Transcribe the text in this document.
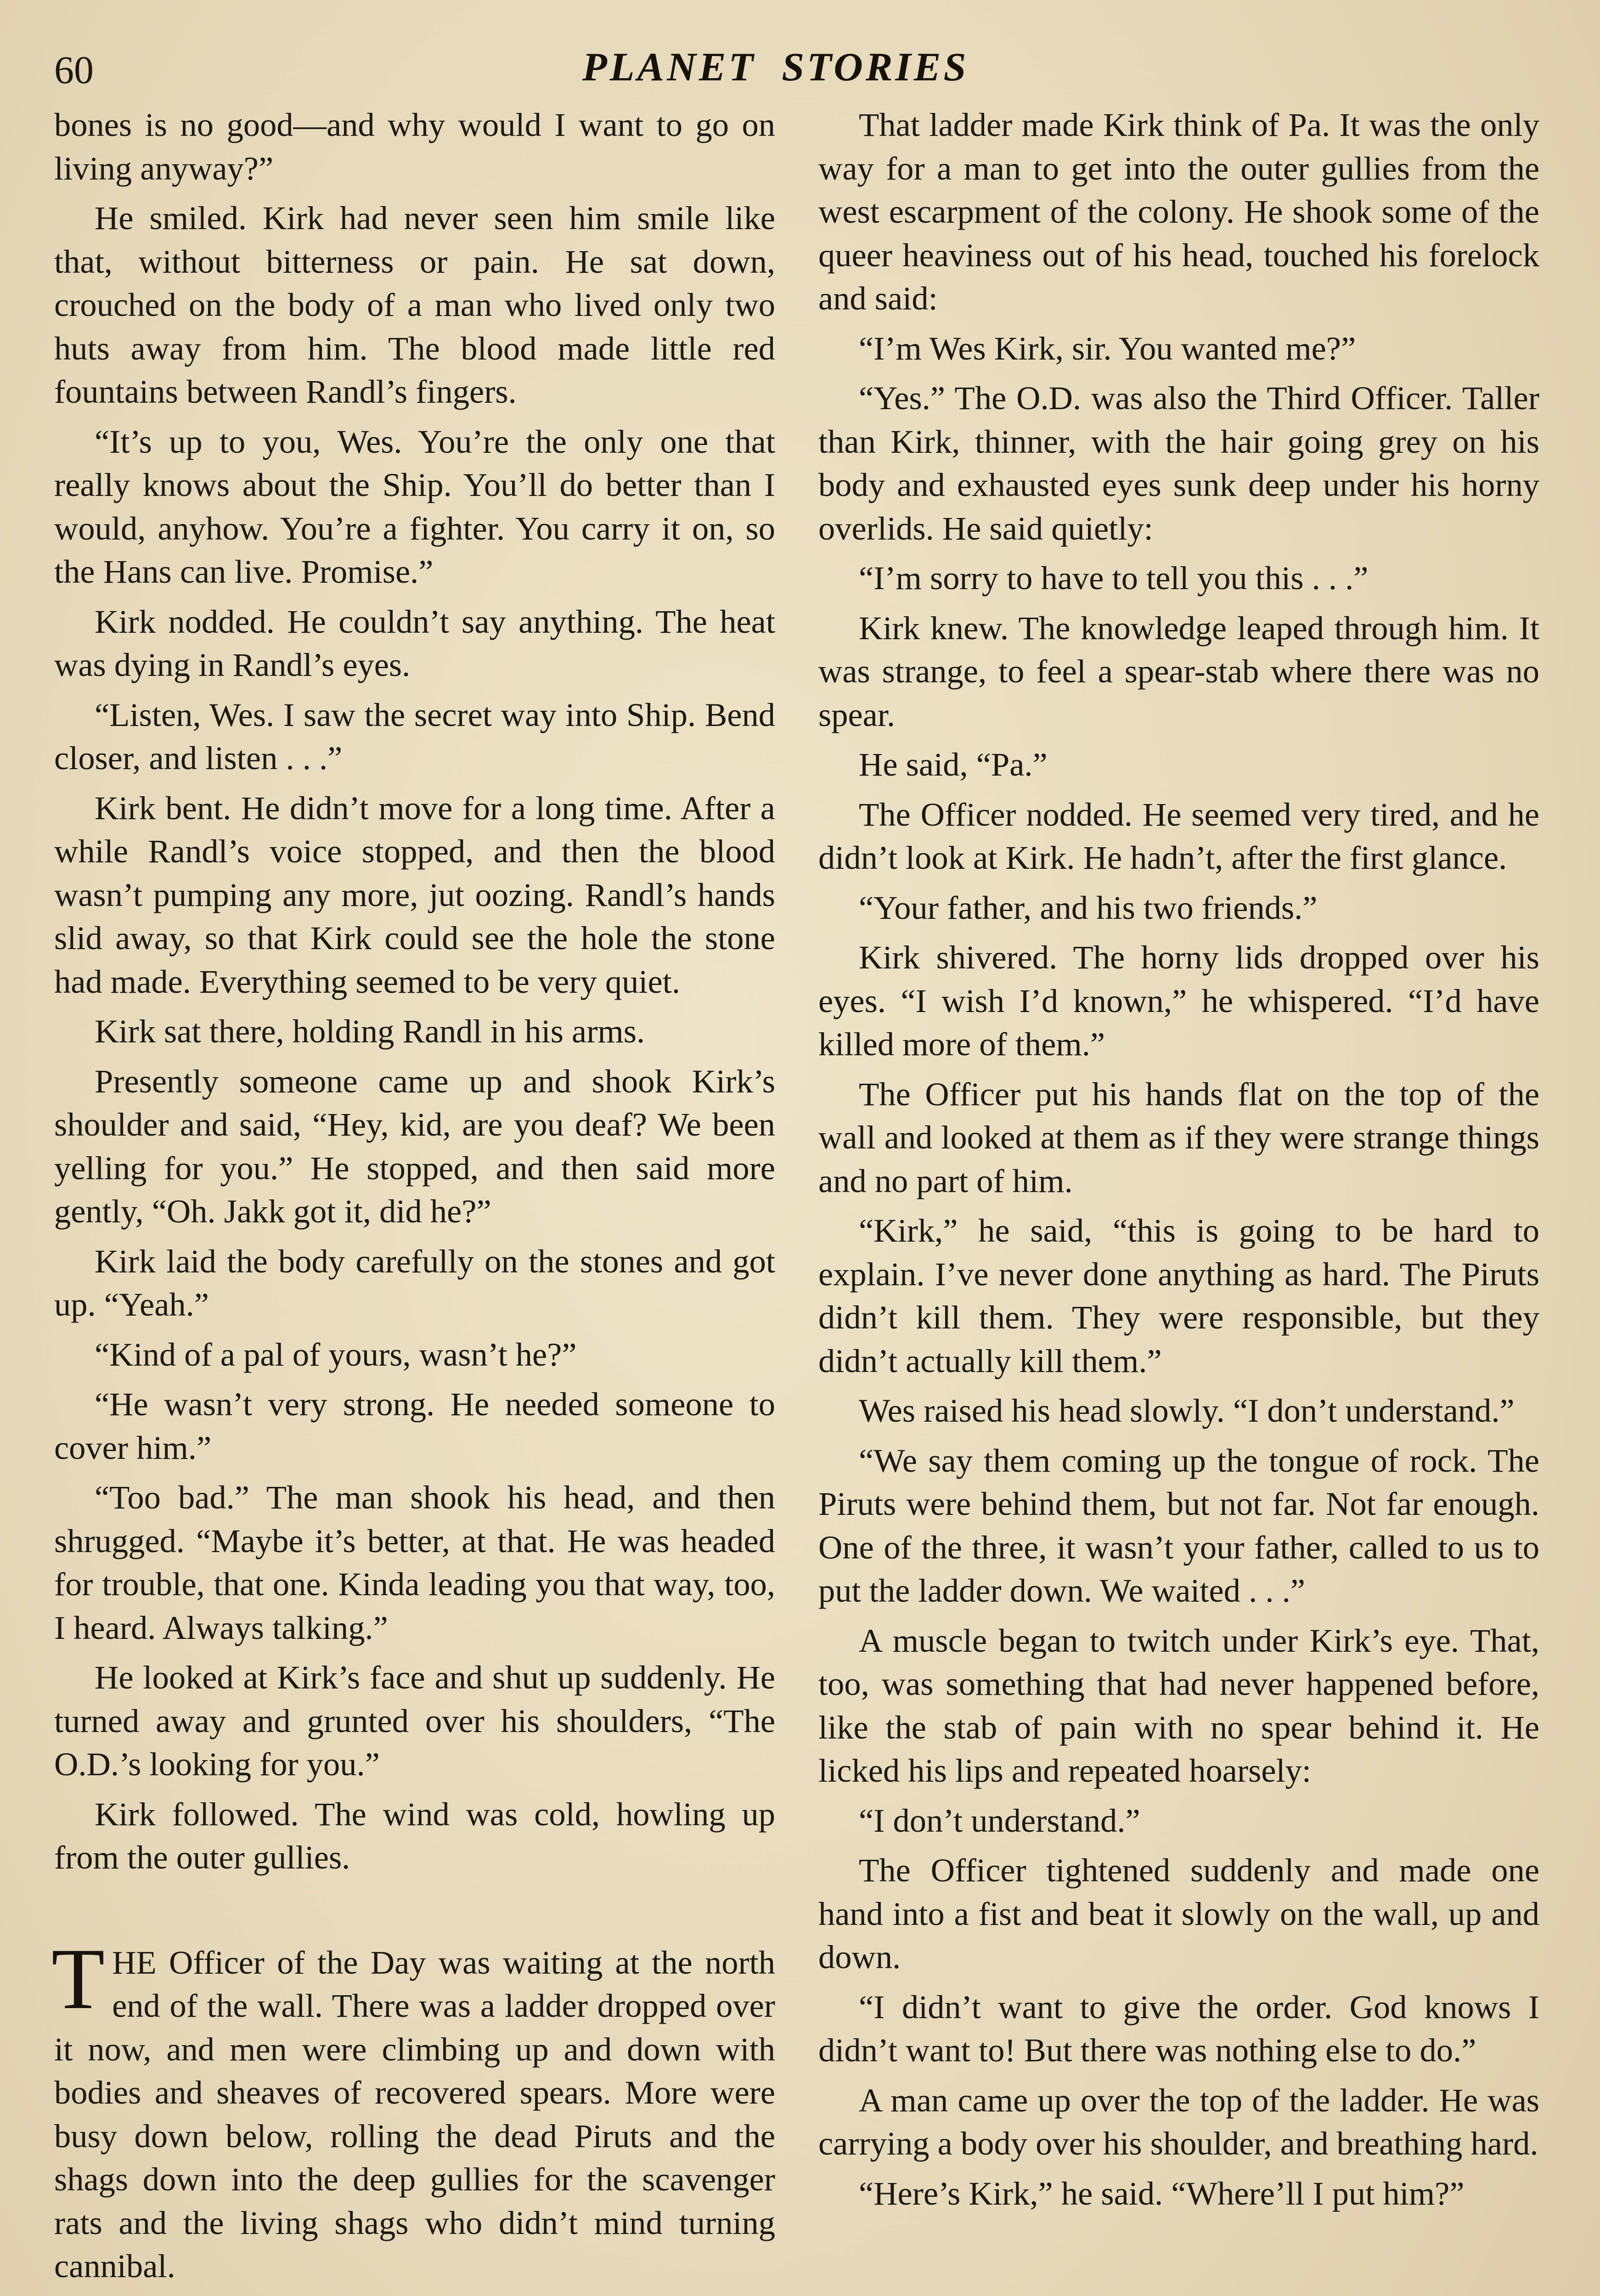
60	PLANET  STORIES

bones is no good—and why would I want to go on living anyway?”

He smiled. Kirk had never seen him smile like that, without bitterness or pain. He sat down, crouched on the body of a man who lived only two huts away from him. The blood made little red fountains between Randl’s fingers.

“It’s up to you, Wes. You’re the only one that really knows about the Ship. You’ll do better than I would, anyhow. You’re a fighter. You carry it on, so the Hans can live. Promise.”

Kirk nodded. He couldn’t say anything. The heat was dying in Randl’s eyes.

“Listen, Wes. I saw the secret way into Ship. Bend closer, and listen . . .”

Kirk bent. He didn’t move for a long time. After a while Randl’s voice stopped, and then the blood wasn’t pumping any more, jut oozing. Randl’s hands slid away, so that Kirk could see the hole the stone had made. Everything seemed to be very quiet.

Kirk sat there, holding Randl in his arms.

Presently someone came up and shook Kirk’s shoulder and said, “Hey, kid, are you deaf? We been yelling for you.” He stopped, and then said more gently, “Oh. Jakk got it, did he?”

Kirk laid the body carefully on the stones and got up. “Yeah.”

“Kind of a pal of yours, wasn’t he?”

“He wasn’t very strong. He needed someone to cover him.”

“Too bad.” The man shook his head, and then shrugged. “Maybe it’s better, at that. He was headed for trouble, that one. Kinda leading you that way, too, I heard. Always talking.”

He looked at Kirk’s face and shut up suddenly. He turned away and grunted over his shoulders, “The O.D.’s looking for you.”

Kirk followed. The wind was cold, howling up from the outer gullies.

THE Officer of the Day was waiting at the north end of the wall. There was a ladder dropped over it now, and men were climbing up and down with bodies and sheaves of recovered spears. More were busy down below, rolling the dead Piruts and the shags down into the deep gullies for the scavenger rats and the living shags who didn’t mind turning cannibal.

That ladder made Kirk think of Pa. It was the only way for a man to get into the outer gullies from the west escarpment of the colony. He shook some of the queer heaviness out of his head, touched his forelock and said:

“I’m Wes Kirk, sir. You wanted me?”

“Yes.” The O.D. was also the Third Officer. Taller than Kirk, thinner, with the hair going grey on his body and exhausted eyes sunk deep under his horny overlids. He said quietly:

“I’m sorry to have to tell you this . . .”

Kirk knew. The knowledge leaped through him. It was strange, to feel a spear-stab where there was no spear.

He said, “Pa.”

The Officer nodded. He seemed very tired, and he didn’t look at Kirk. He hadn’t, after the first glance.

“Your father, and his two friends.”

Kirk shivered. The horny lids dropped over his eyes. “I wish I’d known,” he whispered. “I’d have killed more of them.”

The Officer put his hands flat on the top of the wall and looked at them as if they were strange things and no part of him.

“Kirk,” he said, “this is going to be hard to explain. I’ve never done anything as hard. The Piruts didn’t kill them. They were responsible, but they didn’t actually kill them.”

Wes raised his head slowly. “I don’t understand.”

“We say them coming up the tongue of rock. The Piruts were behind them, but not far. Not far enough. One of the three, it wasn’t your father, called to us to put the ladder down. We waited . . .”

A muscle began to twitch under Kirk’s eye. That, too, was something that had never happened before, like the stab of pain with no spear behind it. He licked his lips and repeated hoarsely:

“I don’t understand.”

The Officer tightened suddenly and made one hand into a fist and beat it slowly on the wall, up and down.

“I didn’t want to give the order. God knows I didn’t want to! But there was nothing else to do.”

A man came up over the top of the ladder. He was carrying a body over his shoulder, and breathing hard.

“Here’s Kirk,” he said. “Where’ll I put him?”
